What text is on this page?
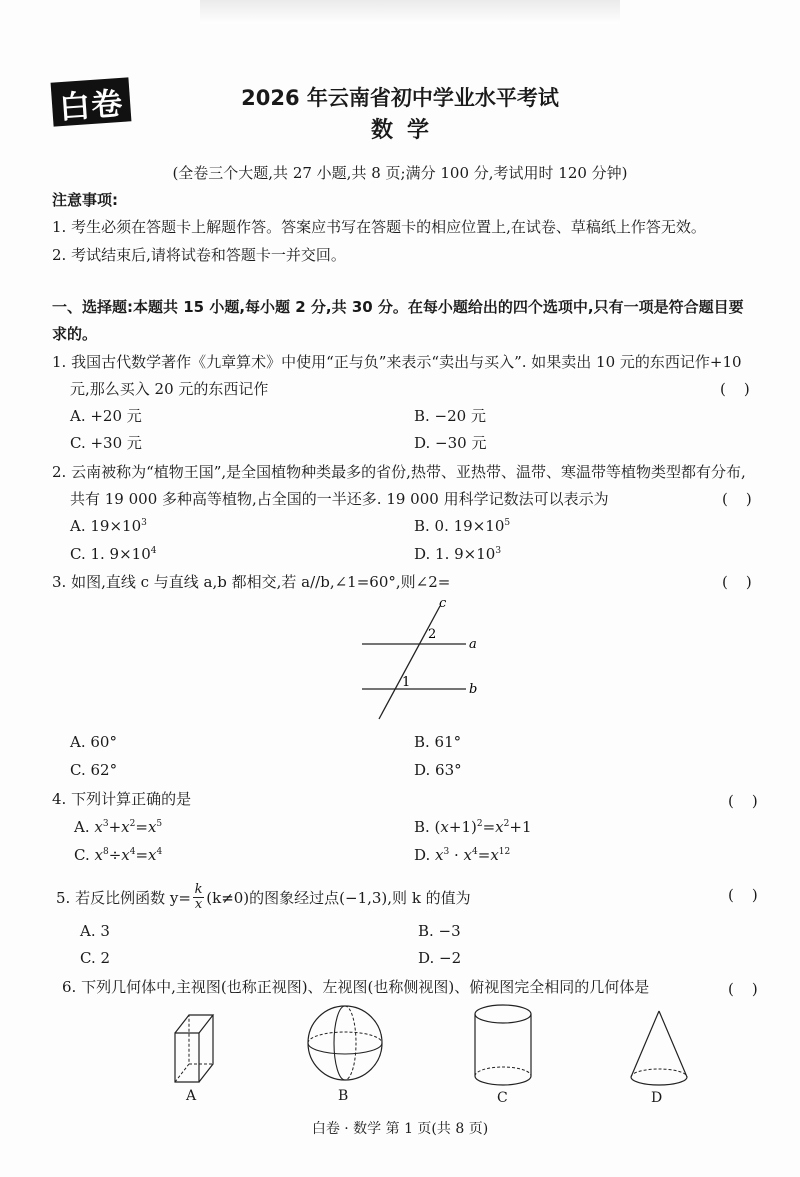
白卷	2026 年云南省初中学业水平考试
数学
(全卷三个大题,共 27 小题,共 8 页;满分 100 分,考试用时 120 分钟)
注意事项:
1. 考生必须在答题卡上解题作答。答案应书写在答题卡的相应位置上,在试卷、草稿纸上作答无效。
2. 考试结束后,请将试卷和答题卡一并交回。
一、选择题:本题共 15 小题,每小题 2 分,共 30 分。在每小题给出的四个选项中,只有一项是符合题目要
求的。
1. 我国古代数学著作《九章算术》中使用“正与负”来表示“卖出与买入”. 如果卖出 10 元的东西记作+10
元,那么买入 20 元的东西记作	()
A. +20 元	B. −20 元
C. +30 元	D. −30 元
2. 云南被称为“植物王国”,是全国植物种类最多的省份,热带、亚热带、温带、寒温带等植物类型都有分布,
共有 19 000 多种高等植物,占全国的一半还多. 19 000 用科学记数法可以表示为	()
A. $19\times 10^3$	B. 0. $19\times 10^5$
C. 1. $9\times 10^4$	D. 1. $9\times 10^3$
3. 如图,直线 c 与直线 a,b 都相交,若 a//b,∠1=60°,则∠2=	()
c
a
b
2
1
A. 60°	B. 61°
C. 62°	D. 63°
4. 下列计算正确的是	()
A. $x^3+x^2=x^5$	B. $(x+1)^2=x^2+1$
C. $x^8\div x^4=x^4$	D. $x^3 \cdot x^4=x^{12}$
5. 若反比例函数 $y= \frac{k}{x} (k\ne 0)$的图象经过点(−1,3),则 k 的值为	()
A. 3	B. −3
C. 2	D. −2
6. 下列几何体中,主视图(也称正视图)、左视图(也称侧视图)、俯视图完全相同的几何体是	()
A	B	C	D
白卷 · 数学 第 1 页(共 8 页)
